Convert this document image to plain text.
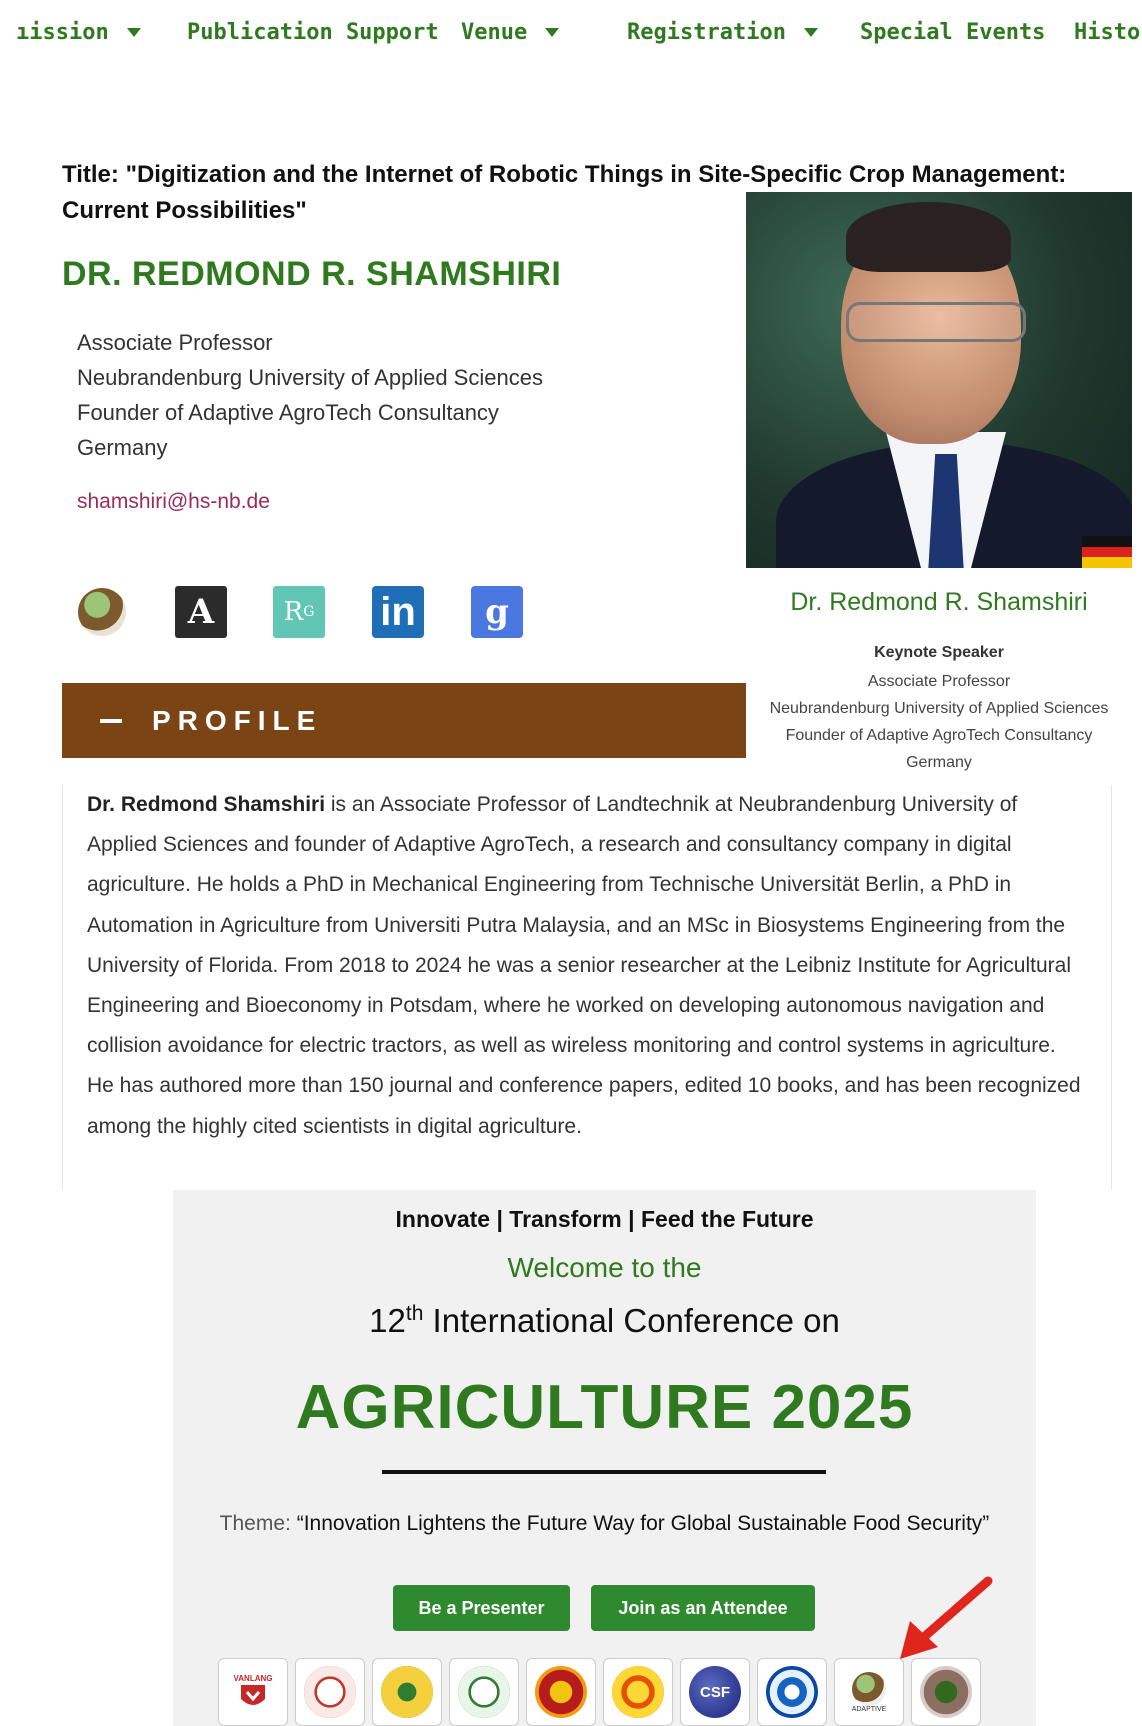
ıission	Publication Support Venue	Registration	Special Events Histo
Title: "Digitization and the Internet of Robotic Things in Site-Specific Crop Management: Current Possibilities"
DR. REDMOND R. SHAMSHIRI
Associate Professor
Neubrandenburg University of Applied Sciences
Founder of Adaptive AgroTech Consultancy
Germany
shamshiri@hs-nb.de
A	R G in g	Dr. Redmond R. Shamshiri
Keynote Speaker
Associate Professor
Neubrandenburg University of Applied Sciences
Founder of Adaptive AgroTech Consultancy
Germany
PROFILE

Dr. Redmond Shamshiri is an Associate Professor of Landtechnik at Neubrandenburg University of Applied Sciences and founder of Adaptive AgroTech, a research and consultancy company in digital agriculture. He holds a PhD in Mechanical Engineering from Technische Universität Berlin, a PhD in Automation in Agriculture from Universiti Putra Malaysia, and an MSc in Biosystems Engineering from the University of Florida. From 2018 to 2024 he was a senior researcher at the Leibniz Institute for Agricultural Engineering and Bioeconomy in Potsdam, where he worked on developing autonomous navigation and collision avoidance for electric tractors, as well as wireless monitoring and control systems in agriculture. He has authored more than 150 journal and conference papers, edited 10 books, and has been recognized among the highly cited scientists in digital agriculture.

Innovate | Transform | Feed the Future
Welcome to the
12th International Conference on
AGRICULTURE 2025
Theme: “Innovation Lightens the Future Way for Global Sustainable Food Security”
Be a Presenter	Join as an Attendee
VANLANG
CSF
ADAPTIVE
